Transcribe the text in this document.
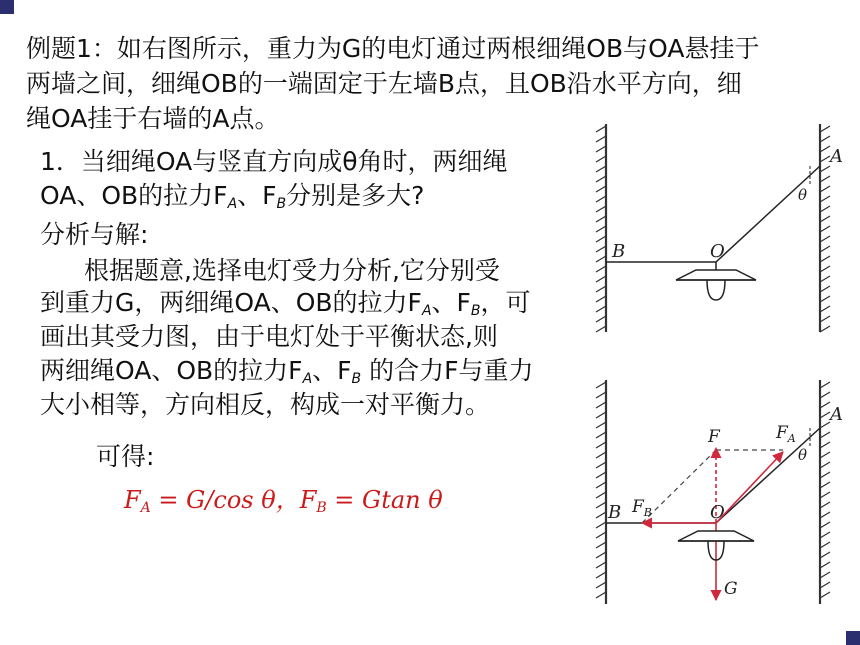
例题1：如右图所示，重力为G的电灯通过两根细绳OB与OA悬挂于
两墙之间，细绳OB的一端固定于左墙B点，且OB沿水平方向，细
绳OA挂于右墙的A点。
1．当细绳OA与竖直方向成θ角时，两细绳
OA、OB的拉力$F_A$、$F_B$分别是多大?
分析与解:
根据题意,选择电灯受力分析,它分别受
到重力G，两细绳OA、OB的拉力$F_A$、$F_B$，可
画出其受力图，由于电灯处于平衡状态,则
两细绳OA、OB的拉力$F_A$、$F_B$ 的合力F与重力
大小相等，方向相反，构成一对平衡力。
可得:
$F_A = G/\cos$ θ，$F_B = Gtan$ θ
B	O
A
θ
B	O
A
θ
F	$F_A$
$F_B$
G
